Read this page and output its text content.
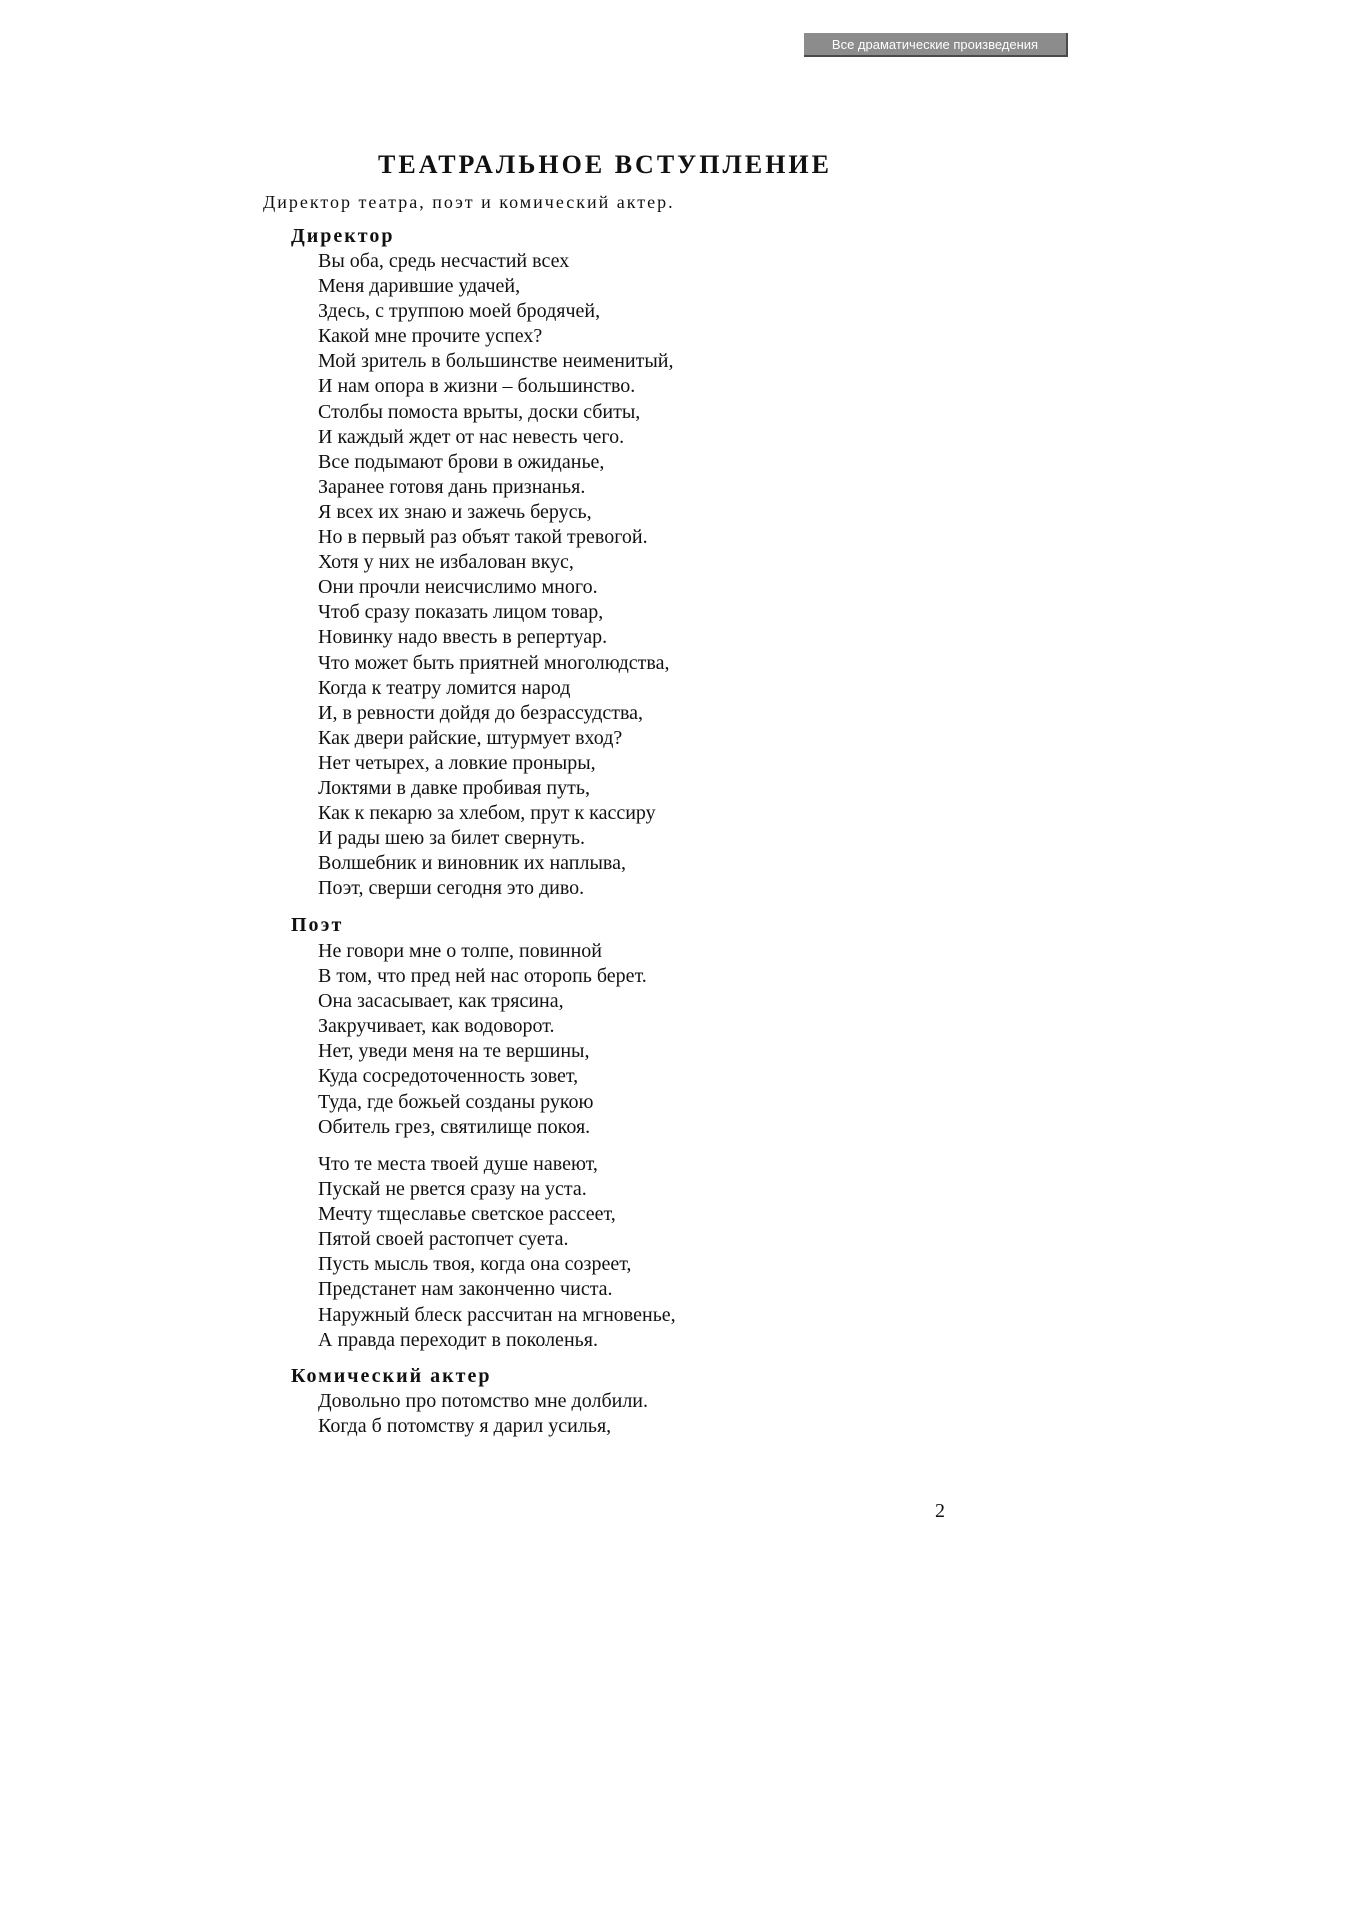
Все драматические произведения
ТЕАТРАЛЬНОЕ ВСТУПЛЕНИЕ
Директор театра, поэт и комический актер.
Директор
Вы оба, средь несчастий всех
Меня дарившие удачей,
Здесь, с труппою моей бродячей,
Какой мне прочите успех?
Мой зритель в большинстве неименитый,
И нам опора в жизни – большинство.
Столбы помоста врыты, доски сбиты,
И каждый ждет от нас невесть чего.
Все подымают брови в ожиданье,
Заранее готовя дань признанья.
Я всех их знаю и зажечь берусь,
Но в первый раз объят такой тревогой.
Хотя у них не избалован вкус,
Они прочли неисчислимо много.
Чтоб сразу показать лицом товар,
Новинку надо ввесть в репертуар.
Что может быть приятней многолюдства,
Когда к театру ломится народ
И, в ревности дойдя до безрассудства,
Как двери райские, штурмует вход?
Нет четырех, а ловкие проныры,
Локтями в давке пробивая путь,
Как к пекарю за хлебом, прут к кассиру
И рады шею за билет свернуть.
Волшебник и виновник их наплыва,
Поэт, сверши сегодня это диво.
Поэт
Не говори мне о толпе, повинной
В том, что пред ней нас оторопь берет.
Она засасывает, как трясина,
Закручивает, как водоворот.
Нет, уведи меня на те вершины,
Куда сосредоточенность зовет,
Туда, где божьей созданы рукою
Обитель грез, святилище покоя.
Что те места твоей душе навеют,
Пускай не рвется сразу на уста.
Мечту тщеславье светское рассеет,
Пятой своей растопчет суета.
Пусть мысль твоя, когда она созреет,
Предстанет нам законченно чиста.
Наружный блеск рассчитан на мгновенье,
А правда переходит в поколенья.
Комический актер
Довольно про потомство мне долбили.
Когда б потомству я дарил усилья,
2
